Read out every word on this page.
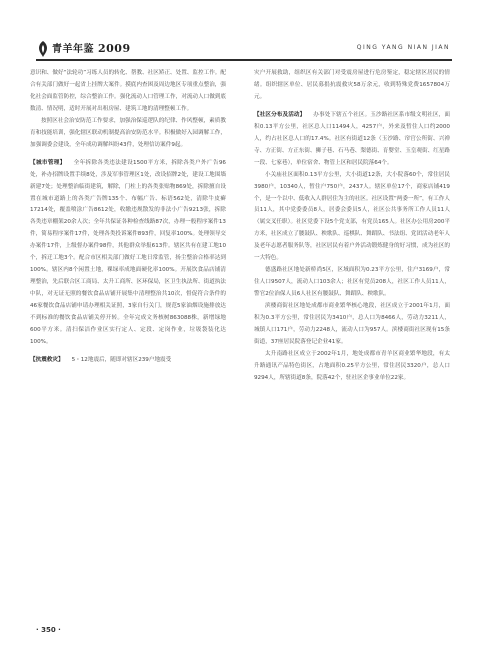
青羊年鉴 2009	QING YANG NIAN JIAN

意识和、做好“法轮功”习练人员的转化、帮教、社区矫正、处置、监控工作。配合有关部门做好一起省上挂牌大案件。摸底内查困及周边地区专项重点整治，强化社会面监管防控，综合整治工作。强化流动人口管理工作，对流动人口做到底数清、情况明，适时开展对出租房屋、建筑工地的清理整顿工作。

按照区社会治安防范工作要求，加强治保巡逻队的纪律、作风整顿，素质教育和技能培训，强化辖区联动机制提高治安防范水平。积极做好入园调解工作，加强调委会建设，全年成功调解纠纷43件，处理信访案件9起。

【城市管理】 全年拆除各类违法建设1500平方米，拆除各类户外广告96处，补办招牌设置手续8处，涉及军事管理区1处，改设招牌2处，建设工地围墙新建7处；处理整治临街建筑，解除，门柱上的各类张贴物869处，拆除擅自设置在城市道路上的各类广告牌135个、布幅广告、标语562处，清除牛皮癣17214处，覆盖喷涂广告8612处，收缴违规散发的非法小广告9213张，拆除各类违章棚架20余人次；全年共保证各种检查线路87次，办理一般程序案件13件，简易程序案件17件，处理各类投诉案件893件，回复率100%。处理领导交办案件17件，上级督办案件98件，其他群众举报613件。辖区共有在建工地10个，拆迁工地3个。配合市区相关部门做好工地日常监管，扬尘整治合格率达到100%。辖区内8个闲置土地，裸绿率成地面硬化率100%。开展饮食品店铺清理整治，先后联合区工商局、太升工商所、区环保局，区卫生执法所、街道执法中队，对无证无照的餐饮食品店铺开展集中清理整治共10次，督促符合条件的46家餐饮食品店铺申请办理相关证照，3家自行关门，规范5家油烟设施排放达不到标准的餐饮食品店铺关停开转。全年完成文务核树863088株，新增绿地600平方米。清扫保洁作业区实行定人、定段、定岗作业，垃圾袋装化达100%。

【抗震救灾】 5・12地震后，随即对辖区239户地震受

灾户开展救助，组织区有关部门对受震房屋进行危房鉴定，稳定辖区居民的情绪。组织辖区单位、居民募捐抗震救灾58万余元，收到特殊党费1657804万元。

【社区分布及活动】 办事处下辖五个社区。玉沙路社区系市级文明社区，面积0.13平方公里，社区总人口11494人，4257户，外来及暂住人口约2000人，约占社区总人口的17.4%。社区有街道12条（玉沙路、帘官公所街、兴禅寺、方正街、方正东街、狮子巷、石马巷、梨德街、育婴堂、玉皇观街、红星路一段、七家巷），单位宿舍、物管上区和居民院落64个。

小关庙社区面积0.13平方公里，大小街道12条，大小院落60个，常住居民3980户，10340人，暂住户750户，2437人。辖区单位17个，商家店铺419个，是一个以中、低收入人群居住为主的社区。社区设置“两委一所”，有工作人员11人，其中党委委员8人，居委会委员5人，社区公共事务所工作人员11人（属交叉任职）。社区党委下设5个党支部，有党员165人。社区办公用房200平方米，社区成立了腰鼓队、秧歌队、巡棋队、舞蹈队、书法组、党团活动老年人及老年志愿者服务队等，社区居民有着户外活动锻炼健身的好习惯，成为社区的一大特色。

德盛路社区地处新桥尚5区，区域面积为0.23平方公里，住户3169户，常住人口9507人，流动人口103余人；社区有党员208人，社区工作人员11人，警官2位治保人员6人社区有腰鼓队、舞蹈队、秧歌队。

滨楼商街社区地处成都市商业繁华核心地段，社区成立于2001年1月，面积为0.3平方公里，常住居民为3410户，总人口为8466人，劳动力3211人，城镇人口171户，劳动力2248人，流动人口为957人。滨楼商街社区现有15条街道，37座居民院落登记企业41家。

太升南路社区成立于2002年1月，地处成都市青羊区商业繁华地段，有太升路通讯产品特色街区，占地面积0.25平方公里，常住居民3320户，总人口9294人，所辖街道8条，院落42个，驻社区企事业单位22家。

· 350 ·
